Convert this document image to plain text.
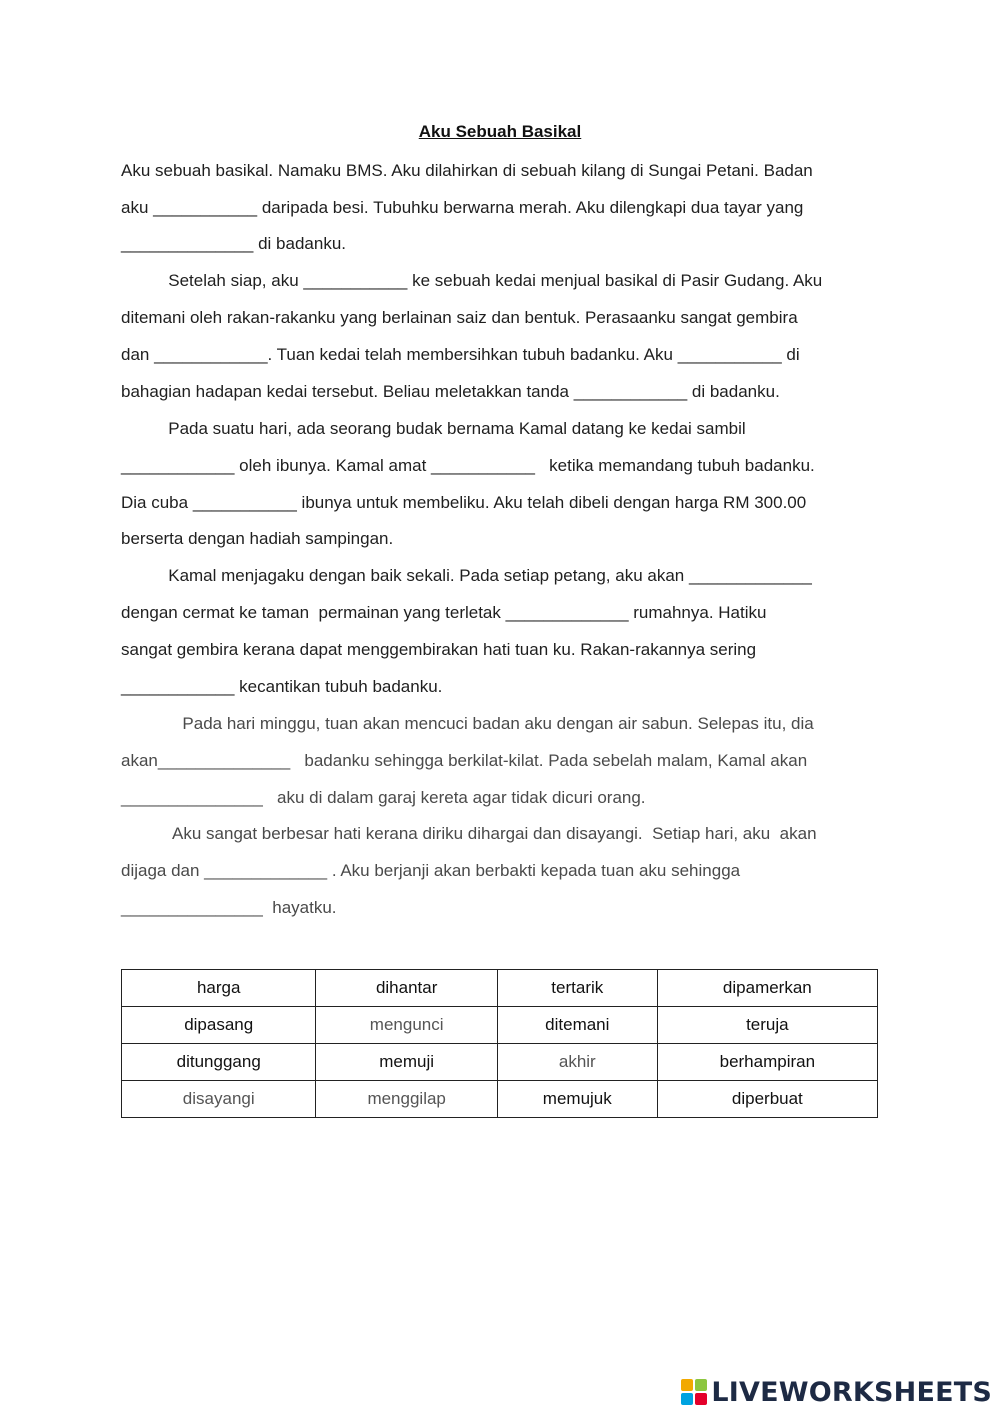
Aku Sebuah Basikal
Aku sebuah basikal. Namaku BMS. Aku dilahirkan di sebuah kilang di Sungai Petani. Badan
aku ___________ daripada besi. Tubuhku berwarna merah. Aku dilengkapi dua tayar yang
______________ di badanku.
Setelah siap, aku ___________ ke sebuah kedai menjual basikal di Pasir Gudang. Aku
ditemani oleh rakan-rakanku yang berlainan saiz dan bentuk. Perasaanku sangat gembira
dan ____________. Tuan kedai telah membersihkan tubuh badanku. Aku ___________ di
bahagian hadapan kedai tersebut. Beliau meletakkan tanda ____________ di badanku.
Pada suatu hari, ada seorang budak bernama Kamal datang ke kedai sambil
____________ oleh ibunya. Kamal amat ___________   ketika memandang tubuh badanku.
Dia cuba ___________ ibunya untuk membeliku. Aku telah dibeli dengan harga RM 300.00
berserta dengan hadiah sampingan.
Kamal menjagaku dengan baik sekali. Pada setiap petang, aku akan _____________
dengan cermat ke taman  permainan yang terletak _____________ rumahnya. Hatiku
sangat gembira kerana dapat menggembirakan hati tuan ku. Rakan-rakannya sering
____________ kecantikan tubuh badanku.
Pada hari minggu, tuan akan mencuci badan aku dengan air sabun. Selepas itu, dia
akan______________   badanku sehingga berkilat-kilat. Pada sebelah malam, Kamal akan
_______________   aku di dalam garaj kereta agar tidak dicuri orang.
Aku sangat berbesar hati kerana diriku dihargai dan disayangi.  Setiap hari, aku  akan
dijaga dan _____________ . Aku berjanji akan berbakti kepada tuan aku sehingga
_______________  hayatku.
harga	dihantar	tertarik	dipamerkan
dipasang	mengunci	ditemani	teruja
ditunggang	memuji	akhir	berhampiran
disayangi	menggilap	memujuk	diperbuat
LIVEWORKSHEETS
